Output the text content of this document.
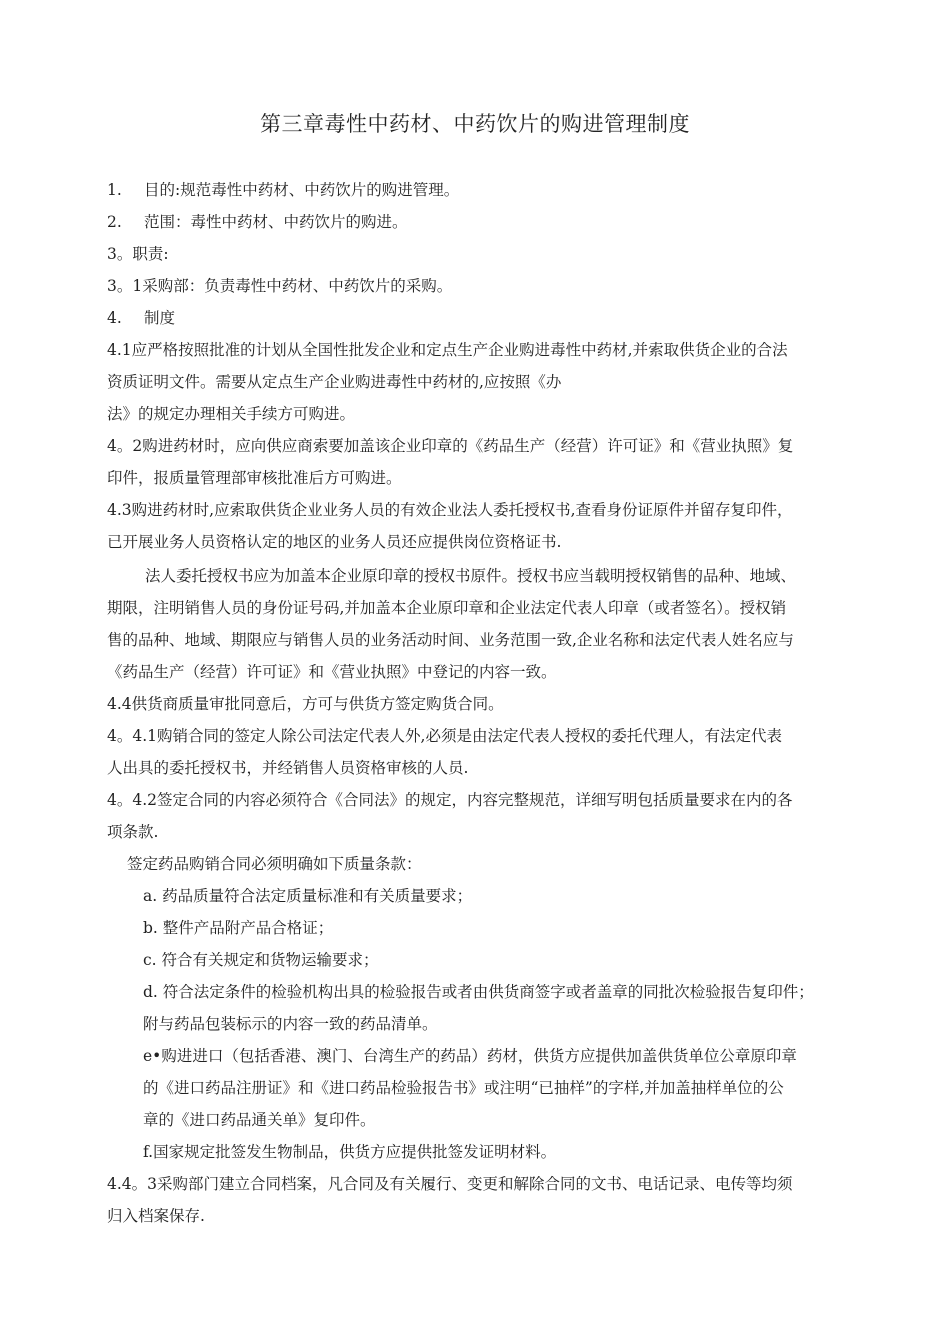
第三章毒性中药材、中药饮片的购进管理制度
1. 目的:规范毒性中药材、中药饮片的购进管理。
2. 范围：毒性中药材、中药饮片的购进。
3。职责:
3。1采购部：负责毒性中药材、中药饮片的采购。
4. 制度
4.1应严格按照批准的计划从全国性批发企业和定点生产企业购进毒性中药材,并索取供货企业的合法
资质证明文件。需要从定点生产企业购进毒性中药材的,应按照《办
法》的规定办理相关手续方可购进。
4。2购进药材时，应向供应商索要加盖该企业印章的《药品生产（经营）许可证》和《营业执照》复
印件，报质量管理部审核批准后方可购进。
4.3购进药材时,应索取供货企业业务人员的有效企业法人委托授权书,查看身份证原件并留存复印件，
已开展业务人员资格认定的地区的业务人员还应提供岗位资格证书.
法人委托授权书应为加盖本企业原印章的授权书原件。授权书应当载明授权销售的品种、地域、
期限，注明销售人员的身份证号码,并加盖本企业原印章和企业法定代表人印章（或者签名）。授权销
售的品种、地域、期限应与销售人员的业务活动时间、业务范围一致,企业名称和法定代表人姓名应与
《药品生产（经营）许可证》和《营业执照》中登记的内容一致。
4.4供货商质量审批同意后，方可与供货方签定购货合同。
4。4.1购销合同的签定人除公司法定代表人外,必须是由法定代表人授权的委托代理人，有法定代表
人出具的委托授权书，并经销售人员资格审核的人员.
4。4.2签定合同的内容必须符合《合同法》的规定，内容完整规范，详细写明包括质量要求在内的各
项条款.
签定药品购销合同必须明确如下质量条款：
a. 药品质量符合法定质量标准和有关质量要求；
b. 整件产品附产品合格证；
c. 符合有关规定和货物运输要求；
d. 符合法定条件的检验机构出具的检验报告或者由供货商签字或者盖章的同批次检验报告复印件；
附与药品包装标示的内容一致的药品清单。
e•购进进口（包括香港、澳门、台湾生产的药品）药材，供货方应提供加盖供货单位公章原印章
的《进口药品注册证》和《进口药品检验报告书》或注明“已抽样”的字样,并加盖抽样单位的公
章的《进口药品通关单》复印件。
f.国家规定批签发生物制品，供货方应提供批签发证明材料。
4.4。3采购部门建立合同档案，凡合同及有关履行、变更和解除合同的文书、电话记录、电传等均须
归入档案保存.
